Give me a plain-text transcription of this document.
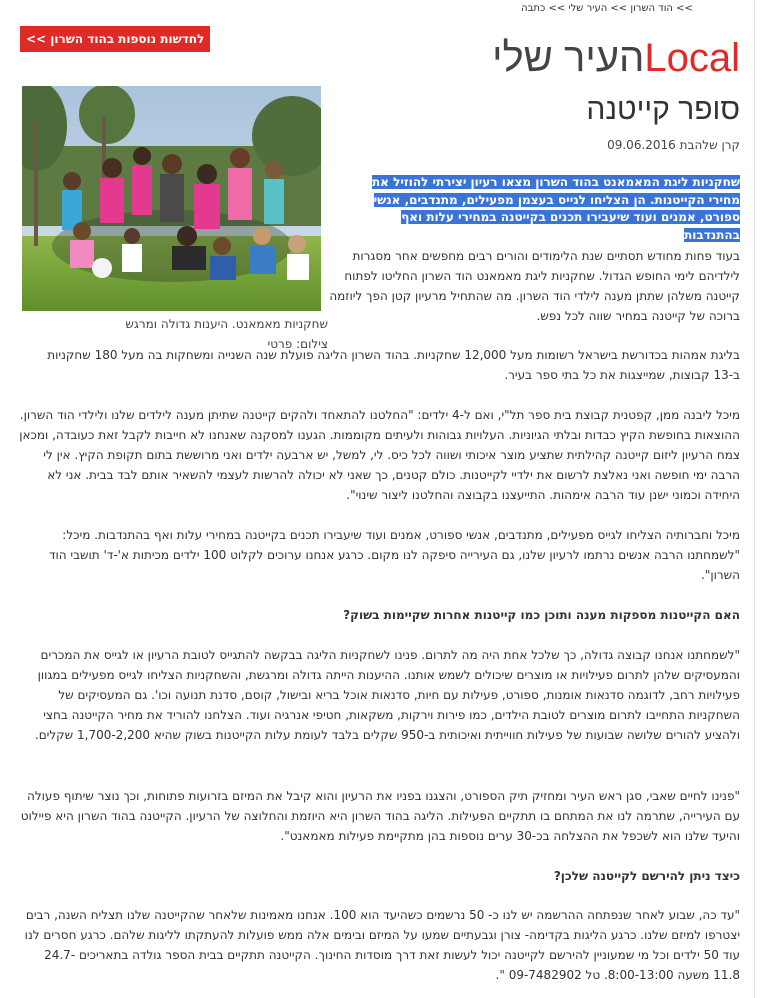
>> הוד השרון >> העיר שלי >> כתבה
לחדשות נוספות בהוד השרון >>	Localהעיר שלי
סופר קייטנה
קרן שלהבת 09.06.2016
שחקניות מאמאנט. היענות גדולה ומרגש
צילום: פרטי
שחקניות ליגת המאמאנט בהוד השרון מצאו רעיון יצירתי להוזיל את מחירי הקייטנות. הן הצליחו לגייס בעצמן מפעילים, מתנדבים, אנשי ספורט, אמנים ועוד שיעבירו תכנים בקייטנה במחירי עלות ואף בהתנדבות
בעוד פחות מחודש תסתיים שנת הלימודים והורים רבים מחפשים אחר מסגרות לילדיהם לימי החופש הגדול. שחקניות ליגת מאמאנט הוד השרון החליטו לפתוח קייטנה משלהן שתתן מענה לילדי הוד השרון. מה שהתחיל מרעיון קטן הפך ליוזמה ברוכה של קייטנה במחיר שווה לכל נפש.
בליגת אמהות בכדורשת בישראל רשומות מעל 12,000 שחקניות. בהוד השרון הליגה פועלת שנה השנייה ומשחקות בה מעל 180 שחקניות ב-13 קבוצות, שמייצגות את כל בתי ספר בעיר.
מיכל ליבנה ממן, קפטנית קבוצת בית ספר תל"י, ואם ל-4 ילדים: "החלטנו להתאחד ולהקים קייטנה שתיתן מענה לילדים שלנו ולילדי הוד השרון. ההוצאות בחופשת הקיץ כבדות ובלתי הגיוניות. העלויות גבוהות ולעיתים מקוממות. הגענו למסקנה שאנחנו לא חייבות לקבל זאת כעובדה, ומכאן צמח הרעיון ליזום קייטנה קהילתית שתציע מוצר איכותי ושווה לכל כיס. לי, למשל, יש ארבעה ילדים ואני מרוששת בתום תקופת הקיץ. אין לי הרבה ימי חופשה ואני נאלצת לרשום את ילדיי לקייטנות. כולם קטנים, כך שאני לא יכולה להרשות לעצמי להשאיר אותם לבד בבית. אני לא היחידה וכמוני ישנן עוד הרבה אימהות. התייעצנו בקבוצה והחלטנו ליצור שינוי".
מיכל וחברותיה הצליחו לגייס מפעילים, מתנדבים, אנשי ספורט, אמנים ועוד שיעבירו תכנים בקייטנה במחירי עלות ואף בהתנדבות. מיכל: "לשמחתנו הרבה אנשים נרתמו לרעיון שלנו, גם העירייה סיפקה לנו מקום. כרגע אנחנו ערוכים לקלוט 100 ילדים מכיתות א'-ד' תושבי הוד השרון".
האם הקייטנות מספקות מענה ותוכן כמו קייטנות אחרות שקיימות בשוק?
"לשמחתנו אנחנו קבוצה גדולה, כך שלכל אחת היה מה לתרום. פנינו לשחקניות הליגה בבקשה להתגייס לטובת הרעיון או לגייס את המכרים והמעסיקים שלהן לתרום פעילויות או מוצרים שיכולים לשמש אותנו. ההיענות הייתה גדולה ומרגשת, והשחקניות הצליחו לגייס מפעילים במגוון פעילויות רחב, לדוגמה סדנאות אומנות, ספורט, פעילות עם חיות, סדנאות אוכל בריא ובישול, קוסם, סדנת תנועה וכו'. גם המעסיקים של השחקניות התחייבו לתרום מוצרים לטובת הילדים, כמו פירות וירקות, משקאות, חטיפי אנרגיה ועוד. הצלחנו להוריד את מחיר הקייטנה בחצי ולהציע להורים שלושה שבועות של פעילות חווייתית ואיכותית ב-950 שקלים בלבד לעומת עלות הקייטנות בשוק שהיא 1,700-2,200 שקלים.
"פנינו לחיים שאבי, סגן ראש העיר ומחזיק תיק הספורט, והצגנו בפניו את הרעיון והוא קיבל את המיזם בזרועות פתוחות, וכך נוצר שיתוף פעולה עם העירייה, שתרמה לנו את המתחם בו תתקיים הפעילות. הליגה בהוד השרון היא היוזמת והחלוצה של הרעיון. הקייטנה בהוד השרון היא פיילוט והיעד שלנו הוא לשכפל את ההצלחה בכ-30 ערים נוספות בהן מתקיימת פעילות מאמאנט".
כיצד ניתן להירשם לקייטנה שלכן?
"עד כה, שבוע לאחר שנפתחה ההרשמה יש לנו כ- 50 נרשמים כשהיעד הוא 100. אנחנו מאמינות שלאחר שהקייטנה שלנו תצליח השנה, רבים יצטרפו למיזם שלנו. כרגע הליגות בקדימה- צורן וגבעתיים שמעו על המיזם ובימים אלה ממש פועלות להעתקתו לליגות שלהם. כרגע חסרים לנו עוד 50 ילדים וכל מי שמעוניין להירשם לקייטנה יכול לעשות זאת דרך מוסדות החינוך. הקייטנה תתקיים בבית הספר גולדה בתאריכים 24.7-11.8 משעה 8:00-13:00. טל 09-7482902 ".
